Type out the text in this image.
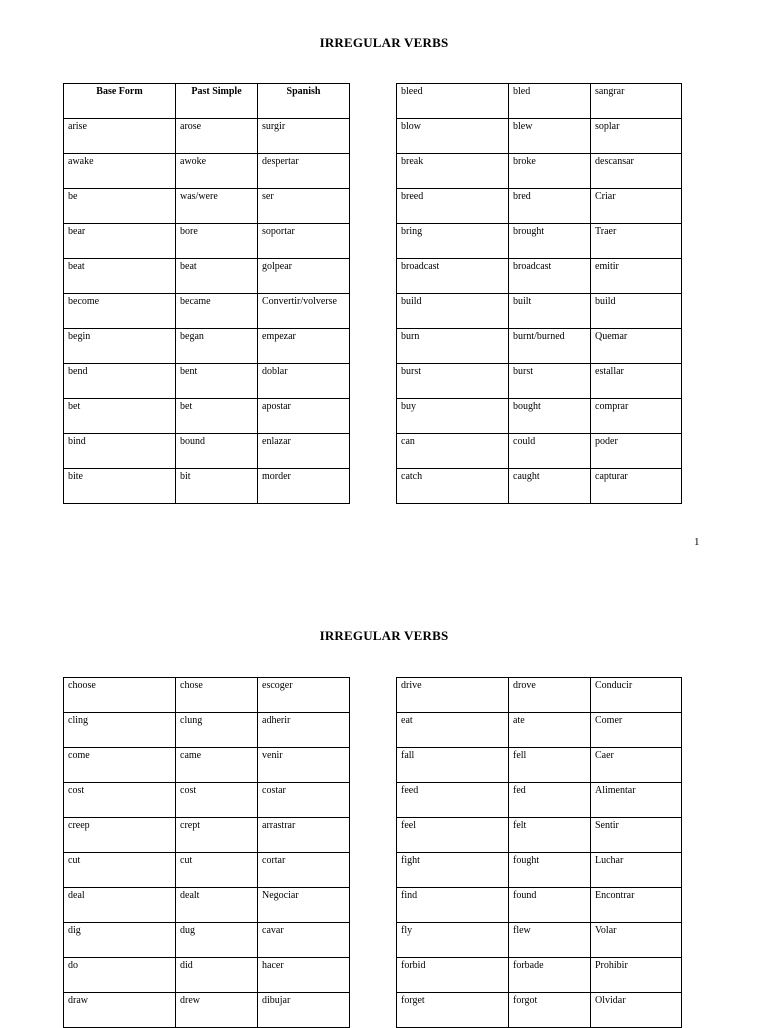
IRREGULAR VERBS
Base Form	Past Simple	Spanish
arise	arose	surgir
awake	awoke	despertar
be	was/were	ser
bear	bore	soportar
beat	beat	golpear
become	became	Convertir/volverse
begin	began	empezar
bend	bent	doblar
bet	bet	apostar
bind	bound	enlazar
bite	bit	morder
bleed	bled	sangrar
blow	blew	soplar
break	broke	descansar
breed	bred	Criar
bring	brought	Traer
broadcast	broadcast	emitir
build	built	build
burn	burnt/burned	Quemar
burst	burst	estallar
buy	bought	comprar
can	could	poder
catch	caught	capturar
1
IRREGULAR VERBS
choose	chose	escoger
cling	clung	adherir
come	came	venir
cost	cost	costar
creep	crept	arrastrar
cut	cut	cortar
deal	dealt	Negociar
dig	dug	cavar
do	did	hacer
draw	drew	dibujar
drive	drove	Conducir
eat	ate	Comer
fall	fell	Caer
feed	fed	Alimentar
feel	felt	Sentir
fight	fought	Luchar
find	found	Encontrar
fly	flew	Volar
forbid	forbade	Prohibir
forget	forgot	Olvidar
